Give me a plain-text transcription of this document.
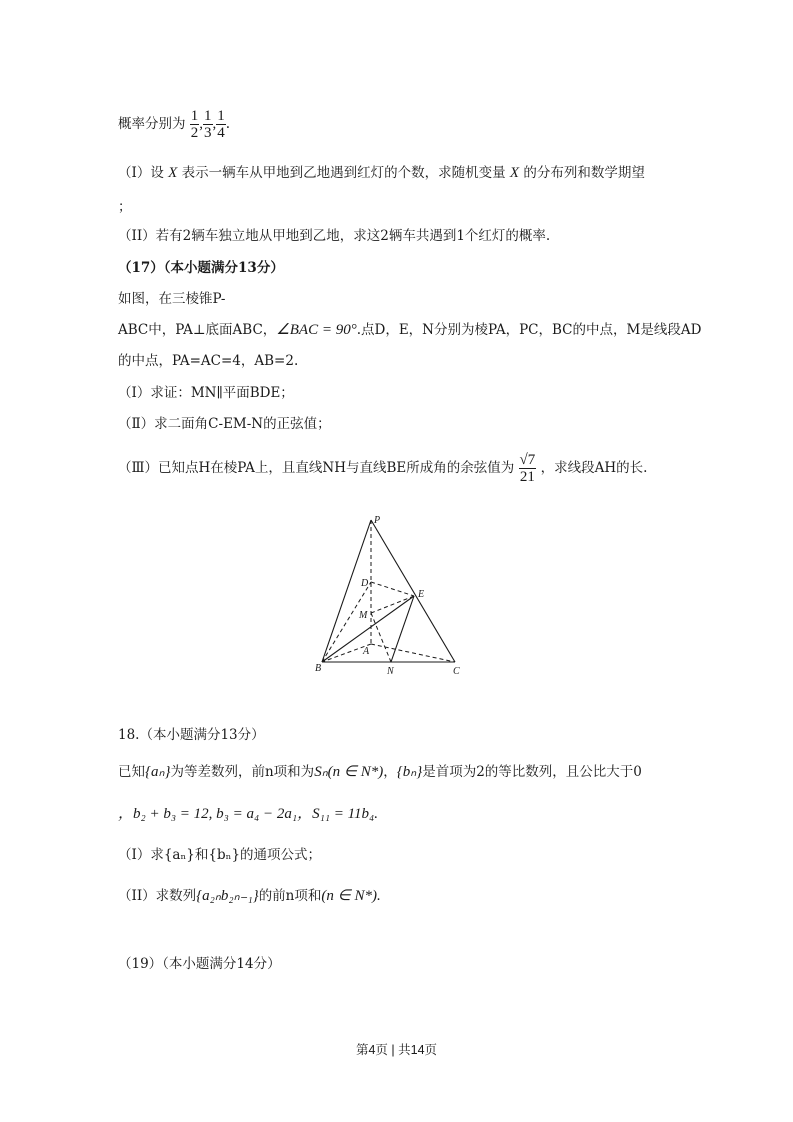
概率分别为 $\frac{1}{2}$ , $\frac{1}{3}$ , $\frac{1}{4}$ .
（I）设 X 表示一辆车从甲地到乙地遇到红灯的个数，求随机变量 X 的分布列和数学期望
；
（II）若有2辆车独立地从甲地到乙地，求这2辆车共遇到1个红灯的概率.
（17）（本小题满分13分）
如图，在三棱锥P-
ABC中，PA⊥底面ABC，∠BAC = 90°.点D，E，N分别为棱PA，PC，BC的中点，M是线段AD
的中点，PA=AC=4，AB=2.
（Ⅰ）求证：MN∥平面BDE；
（Ⅱ）求二面角C-EM-N的正弦值；
（Ⅲ）已知点H在棱PA上，且直线NH与直线BE所成角的余弦值为 $\frac{√7}{21}$ ，求线段AH的长.
P
D
E
M
A
B	N	C
18.（本小题满分13分）
已知{aₙ}为等差数列，前n项和为Sₙ(n ∈ N*)，{bₙ}是首项为2的等比数列，且公比大于0
，b₂ + b₃ = 12, b₃ = a₄ − 2a₁，S₁₁ = 11b₄.
（I）求{aₙ}和{bₙ}的通项公式；
（II）求数列{a₂ₙb₂ₙ₋₁}的前n项和(n ∈ N*).
（19）（本小题满分14分）
第4页 | 共14页
